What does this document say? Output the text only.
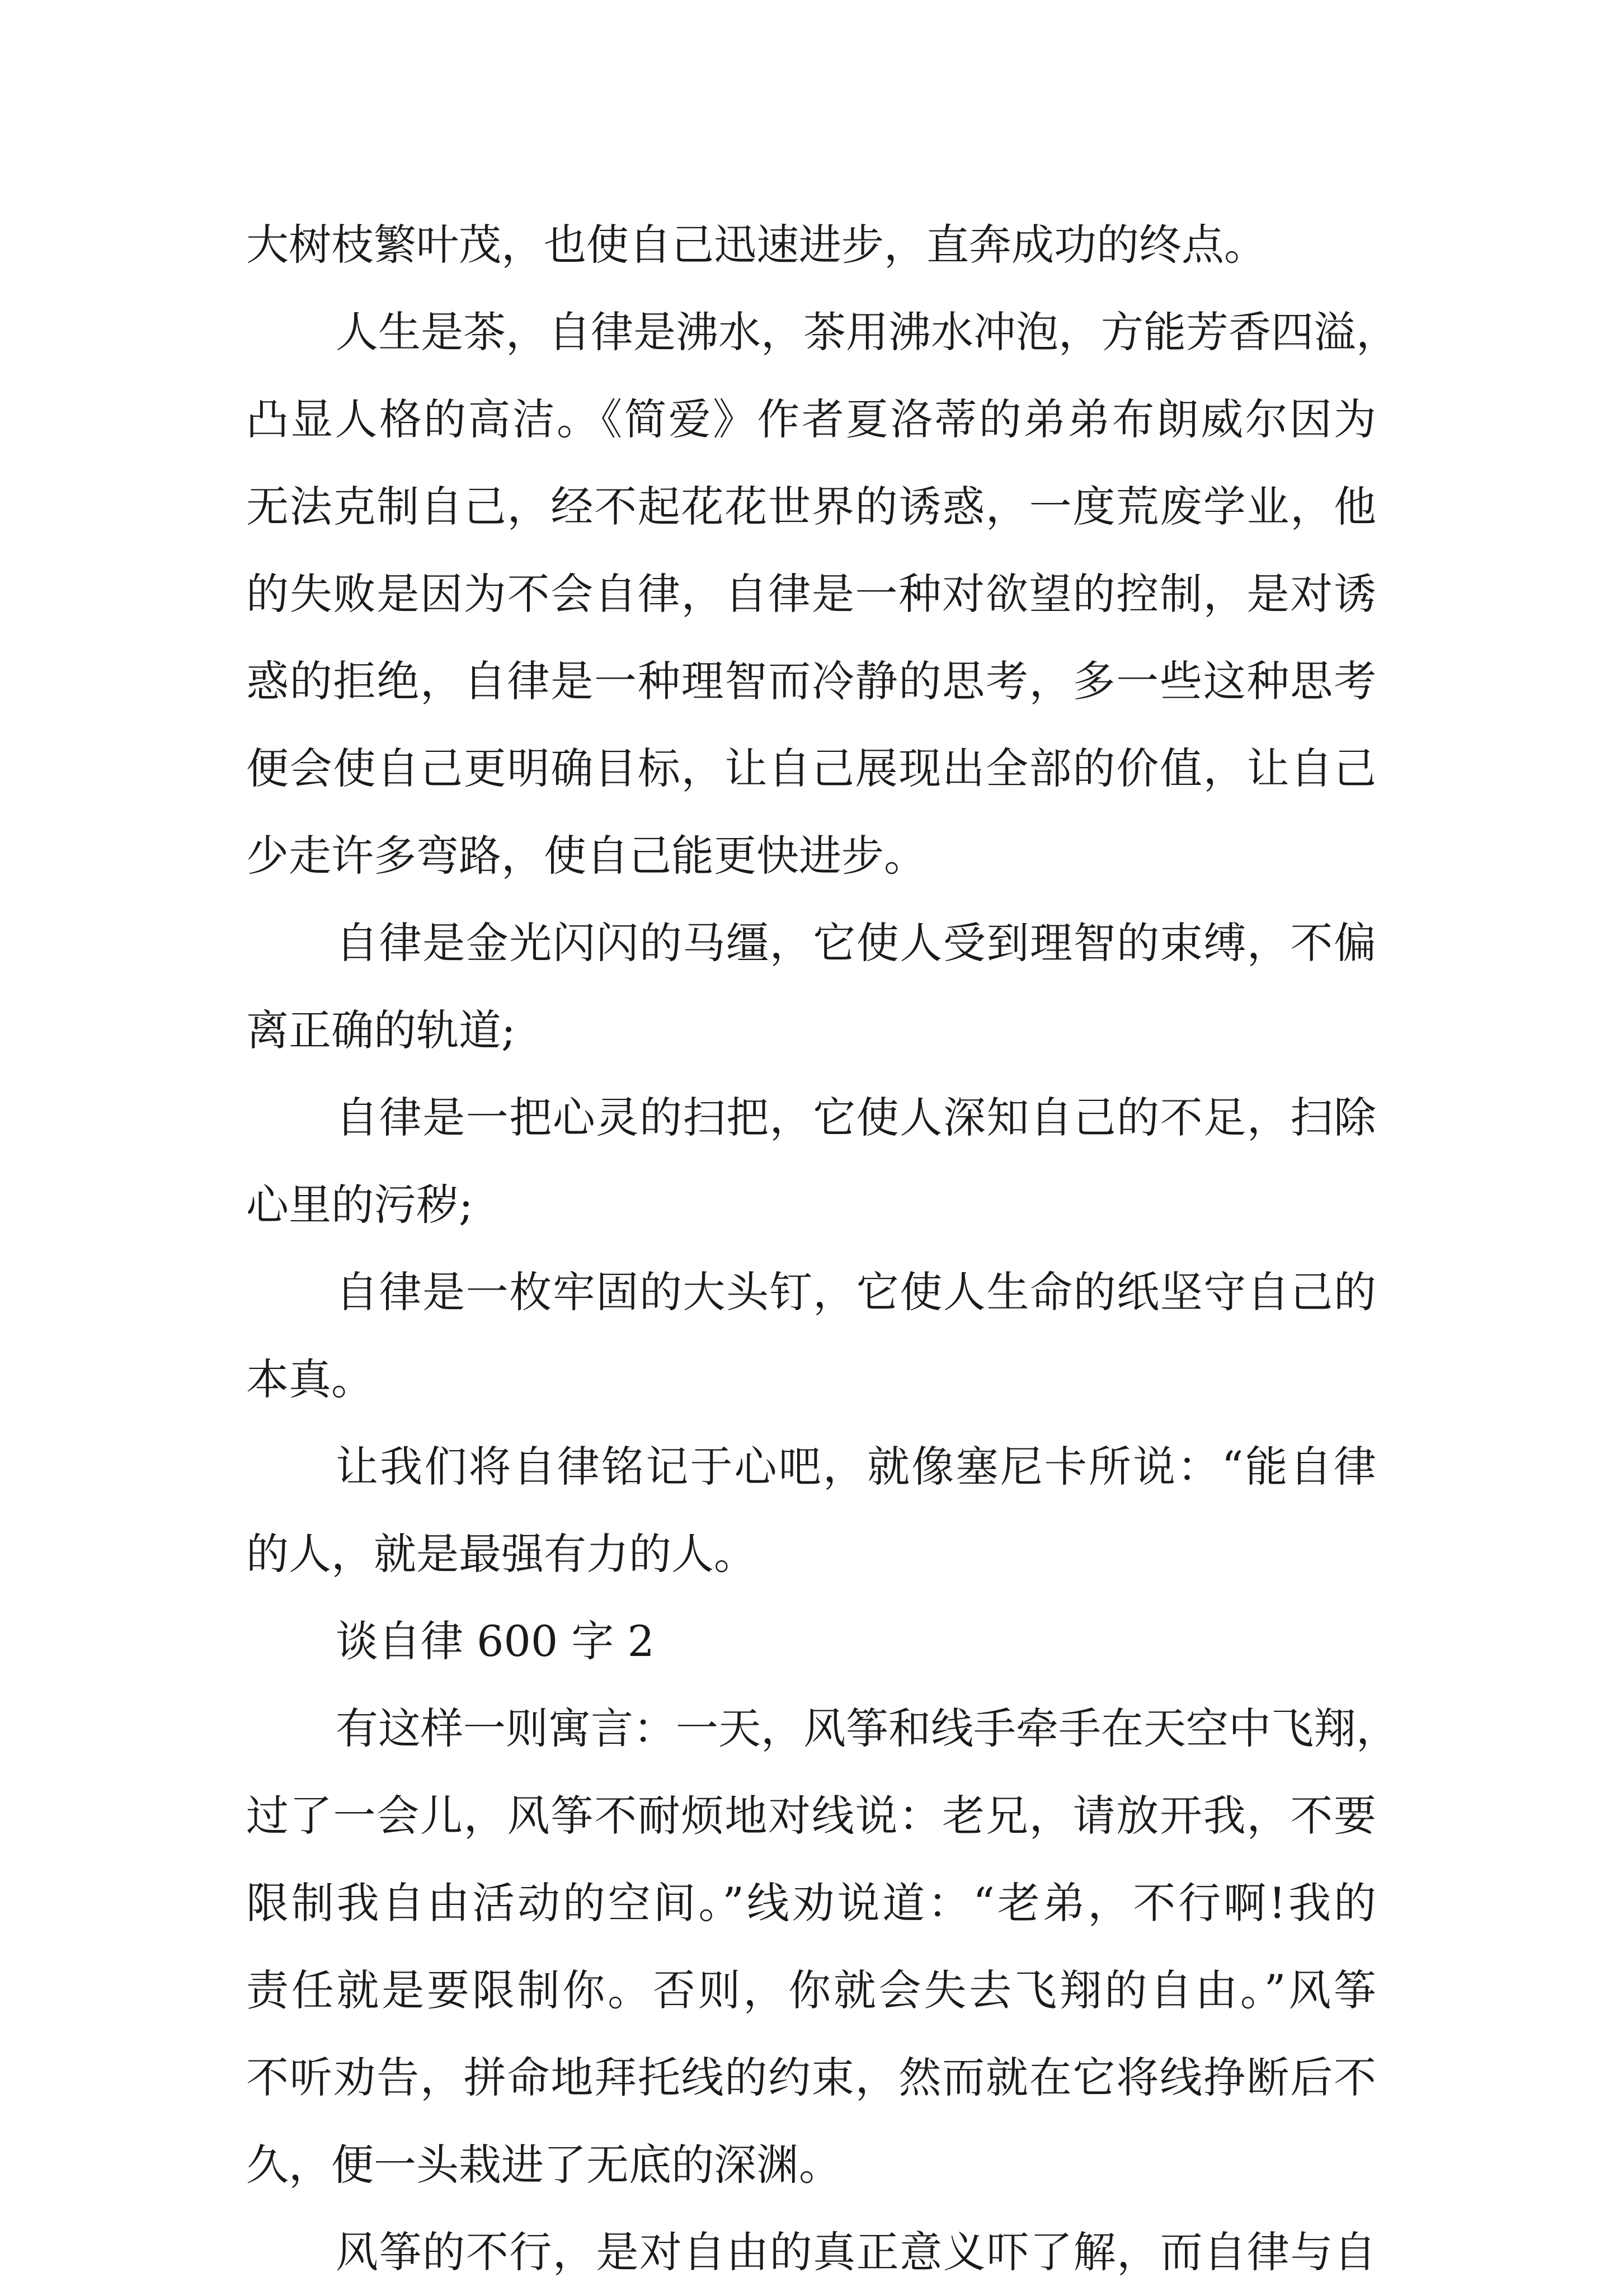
大树枝繁叶茂，也使自己迅速进步，直奔成功的终点。
人生是茶，自律是沸水，茶用沸水冲泡，方能芳香四溢，
凸显人格的高洁。《简爱》作者夏洛蒂的弟弟布朗威尔因为
无法克制自己，经不起花花世界的诱惑，一度荒废学业，他
的失败是因为不会自律，自律是一种对欲望的控制，是对诱
惑的拒绝，自律是一种理智而冷静的思考，多一些这种思考
便会使自己更明确目标，让自己展现出全部的价值，让自己
少走许多弯路，使自己能更快进步。
自律是金光闪闪的马缰，它使人受到理智的束缚，不偏
离正确的轨道;
自律是一把心灵的扫把，它使人深知自己的不足，扫除
心里的污秽;
自律是一枚牢固的大头钉，它使人生命的纸坚守自己的
本真。
让我们将自律铭记于心吧，就像塞尼卡所说：“能自律
的人，就是最强有力的人。
谈自律 600 字 2
有这样一则寓言：一天，风筝和线手牵手在天空中飞翔，
过了一会儿，风筝不耐烦地对线说：老兄，请放开我，不要
限制我自由活动的空间。”线劝说道：“老弟，不行啊!我的
责任就是要限制你。否则，你就会失去飞翔的自由。”风筝
不听劝告，拼命地拜托线的约束，然而就在它将线挣断后不
久，便一头栽进了无底的深渊。
风筝的不行，是对自由的真正意义吓了解，而自律与自
